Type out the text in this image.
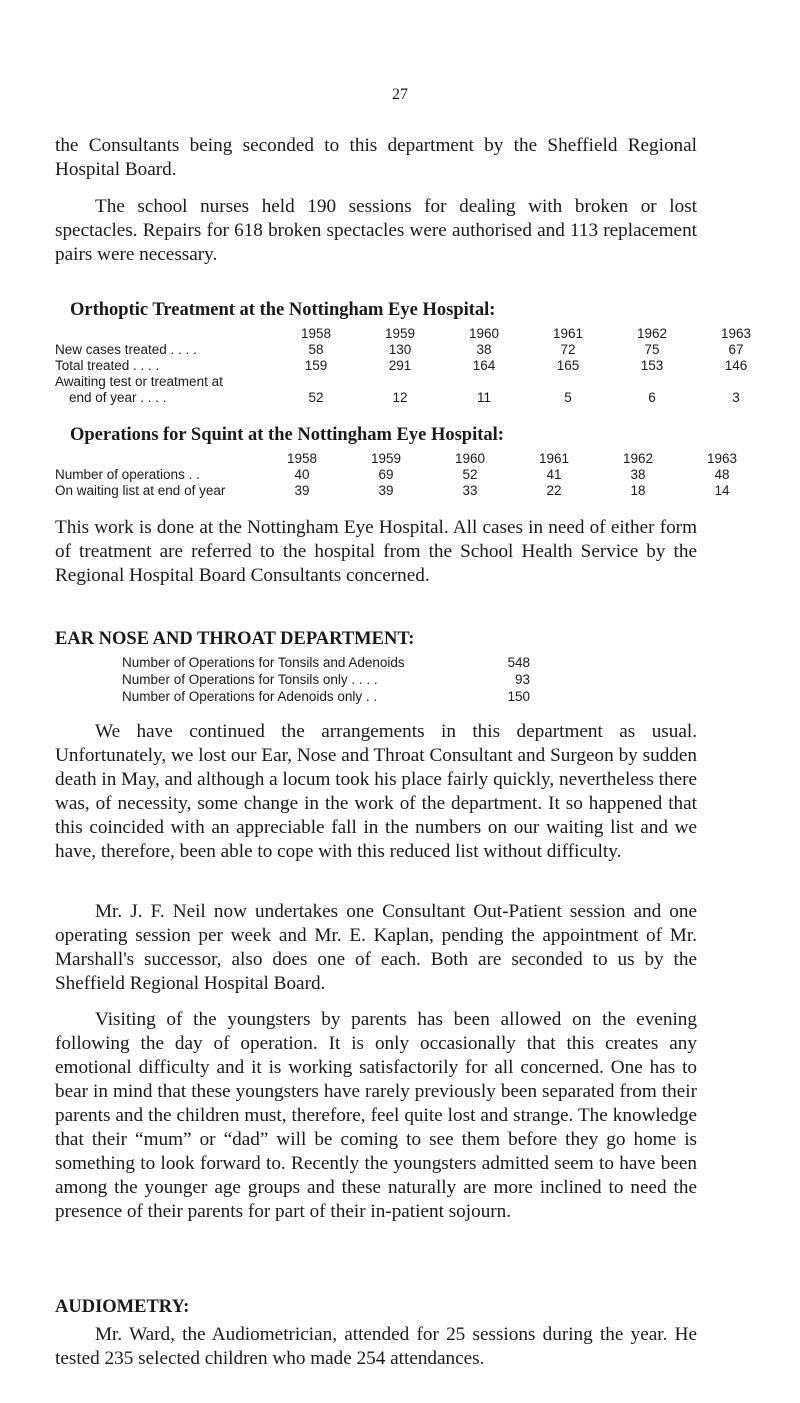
27

the Consultants being seconded to this department by the Sheffield Regional Hospital Board.

The school nurses held 190 sessions for dealing with broken or lost spectacles. Repairs for 618 broken spectacles were authorised and 113 replacement pairs were necessary.

Orthoptic Treatment at the Nottingham Eye Hospital:
	1958	1959	1960	1961	1962	1963
New cases treated . . . .	58	130	38	72	75	67
Total treated . . . .	159	291	164	165	153	146
Awaiting test or treatment at						
end of year . . . .	52	12	11	5	6	3
Operations for Squint at the Nottingham Eye Hospital:
	1958	1959	1960	1961	1962	1963
Number of operations . .	40	69	52	41	38	48
On waiting list at end of year	39	39	33	22	18	14

This work is done at the Nottingham Eye Hospital. All cases in need of either form of treatment are referred to the hospital from the School Health Service by the Regional Hospital Board Consultants concerned.

EAR NOSE AND THROAT DEPARTMENT:
Number of Operations for Tonsils and Adenoids	548
Number of Operations for Tonsils only . . . .	93
Number of Operations for Adenoids only . .	150

We have continued the arrangements in this department as usual. Unfortunately, we lost our Ear, Nose and Throat Consultant and Surgeon by sudden death in May, and although a locum took his place fairly quickly, nevertheless there was, of necessity, some change in the work of the department. It so happened that this coincided with an appreciable fall in the numbers on our waiting list and we have, therefore, been able to cope with this reduced list without difficulty.

Mr. J. F. Neil now undertakes one Consultant Out-Patient session and one operating session per week and Mr. E. Kaplan, pending the appointment of Mr. Marshall's successor, also does one of each. Both are seconded to us by the Sheffield Regional Hospital Board.

Visiting of the youngsters by parents has been allowed on the evening following the day of operation. It is only occasionally that this creates any emotional difficulty and it is working satisfactorily for all concerned. One has to bear in mind that these youngsters have rarely previously been separated from their parents and the children must, therefore, feel quite lost and strange. The knowledge that their “mum” or “dad” will be coming to see them before they go home is something to look forward to. Recently the youngsters admitted seem to have been among the younger age groups and these naturally are more inclined to need the presence of their parents for part of their in-patient sojourn.

AUDIOMETRY:

Mr. Ward, the Audiometrician, attended for 25 sessions during the year. He tested 235 selected children who made 254 attendances.
